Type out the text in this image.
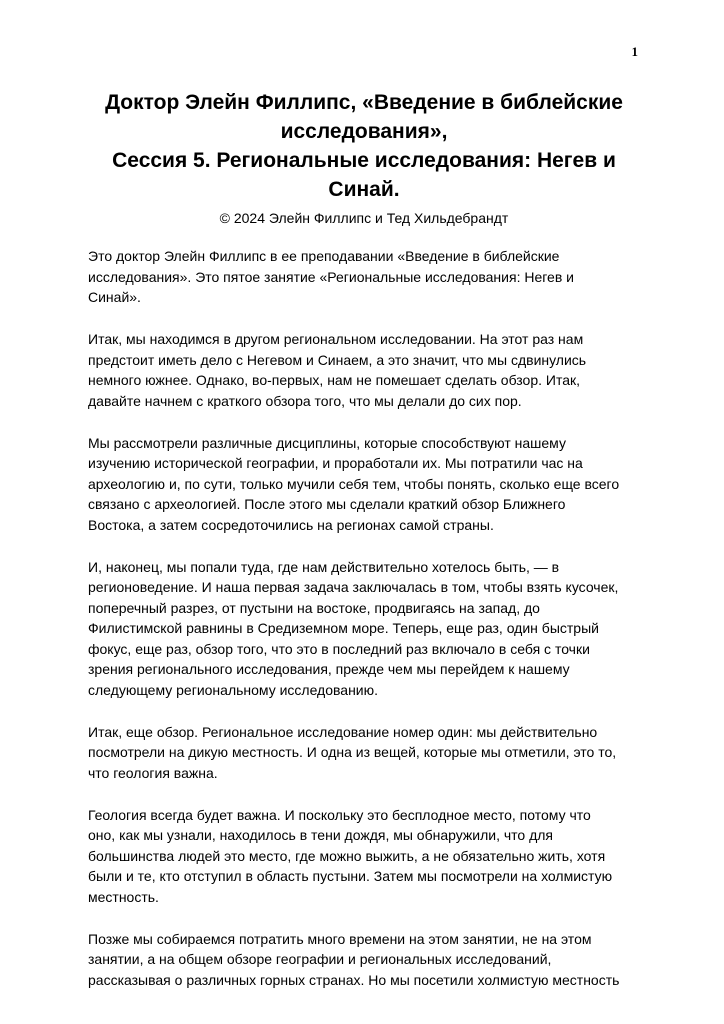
1
Доктор Элейн Филлипс, «Введение в библейские
исследования»,
Сессия 5. Региональные исследования: Негев и
Синай.

© 2024 Элейн Филлипс и Тед Хильдебрандт

Это доктор Элейн Филлипс в ее преподавании «Введение в библейские
исследования». Это пятое занятие «Региональные исследования: Негев и
Синай».

Итак, мы находимся в другом региональном исследовании. На этот раз нам
предстоит иметь дело с Негевом и Синаем, а это значит, что мы сдвинулись
немного южнее. Однако, во-первых, нам не помешает сделать обзор. Итак,
давайте начнем с краткого обзора того, что мы делали до сих пор.

Мы рассмотрели различные дисциплины, которые способствуют нашему
изучению исторической географии, и проработали их. Мы потратили час на
археологию и, по сути, только мучили себя тем, чтобы понять, сколько еще всего
связано с археологией. После этого мы сделали краткий обзор Ближнего
Востока, а затем сосредоточились на регионах самой страны.

И, наконец, мы попали туда, где нам действительно хотелось быть, — в
регионоведение. И наша первая задача заключалась в том, чтобы взять кусочек,
поперечный разрез, от пустыни на востоке, продвигаясь на запад, до
Филистимской равнины в Средиземном море. Теперь, еще раз, один быстрый
фокус, еще раз, обзор того, что это в последний раз включало в себя с точки
зрения регионального исследования, прежде чем мы перейдем к нашему
следующему региональному исследованию.

Итак, еще обзор. Региональное исследование номер один: мы действительно
посмотрели на дикую местность. И одна из вещей, которые мы отметили, это то,
что геология важна.

Геология всегда будет важна. И поскольку это бесплодное место, потому что
оно, как мы узнали, находилось в тени дождя, мы обнаружили, что для
большинства людей это место, где можно выжить, а не обязательно жить, хотя
были и те, кто отступил в область пустыни. Затем мы посмотрели на холмистую
местность.

Позже мы собираемся потратить много времени на этом занятии, не на этом
занятии, а на общем обзоре географии и региональных исследований,
рассказывая о различных горных странах. Но мы посетили холмистую местность
